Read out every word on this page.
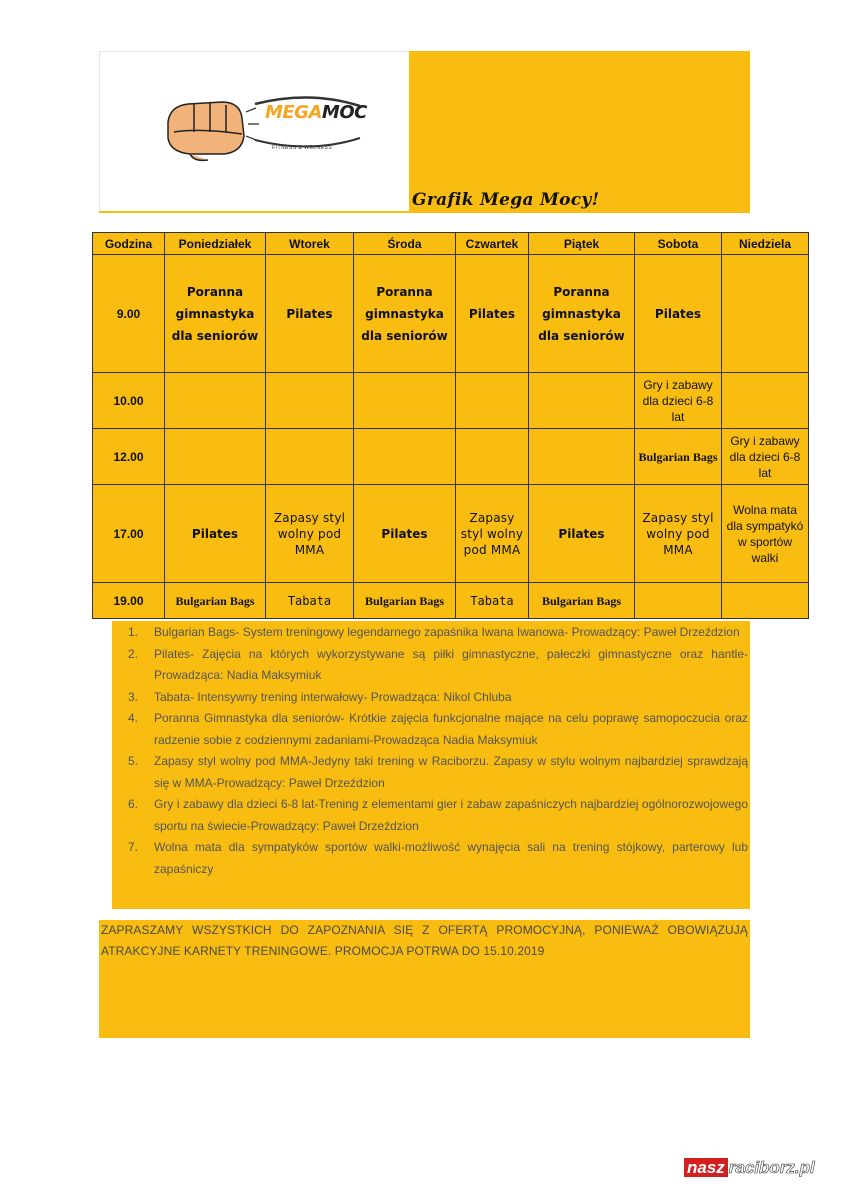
MEGAMOC
FITNESS & WELNESS
Grafik Mega Mocy!
Godzina	Poniedziałek	Wtorek	Środa	Czwartek	Piątek	Sobota	Niedziela
9.00	Poranna gimnastyka dla seniorów	Pilates	Poranna gimnastyka dla seniorów	Pilates	Poranna gimnastyka dla seniorów	Pilates	
10.00						Gry i zabawy dla dzieci 6-8 lat	
12.00						Bulgarian Bags	Gry i zabawy dla dzieci 6-8 lat
17.00	Pilates	Zapasy styl wolny pod MMA	Pilates	Zapasy styl wolny pod MMA	Pilates	Zapasy styl wolny pod MMA	Wolna mata dla sympatykó w sportów walki
19.00	Bulgarian Bags	Tabata	Bulgarian Bags	Tabata	Bulgarian Bags		
1. Bulgarian Bags- System treningowy legendarnego zapaśnika Iwana Iwanowa- Prowadzący: Paweł Drzeździon
2. Pilates- Zajęcia na których wykorzystywane są piłki gimnastyczne, pałeczki gimnastyczne oraz hantle- Prowadząca: Nadia Maksymiuk
3. Tabata- Intensywny trening interwałowy- Prowadząca: Nikol Chluba
4. Poranna Gimnastyka dla seniorów- Krótkie zajęcia funkcjonalne mające na celu poprawę samopoczucia oraz radzenie sobie z codziennymi zadaniami-Prowadząca Nadia Maksymiuk
5. Zapasy styl wolny pod MMA-Jedyny taki trening w Raciborzu. Zapasy w stylu wolnym najbardziej sprawdzają się w MMA-Prowadzący: Paweł Drzeździon
6. Gry i zabawy dla dzieci 6-8 lat-Trening z elementami gier i zabaw zapaśniczych najbardziej ogólnorozwojowego sportu na świecie-Prowadzący: Paweł Drzeździon
7. Wolna mata dla sympatyków sportów walki-możliwość wynajęcia sali na trening stójkowy, parterowy lub zapaśniczy

ZAPRASZAMY WSZYSTKICH DO ZAPOZNANIA SIĘ Z OFERTĄ PROMOCYJNĄ, PONIEWAŻ OBOWIĄZUJĄ ATRAKCYJNE KARNETY TRENINGOWE. PROMOCJA POTRWA DO 15.10.2019

nasz raciborz.pl
